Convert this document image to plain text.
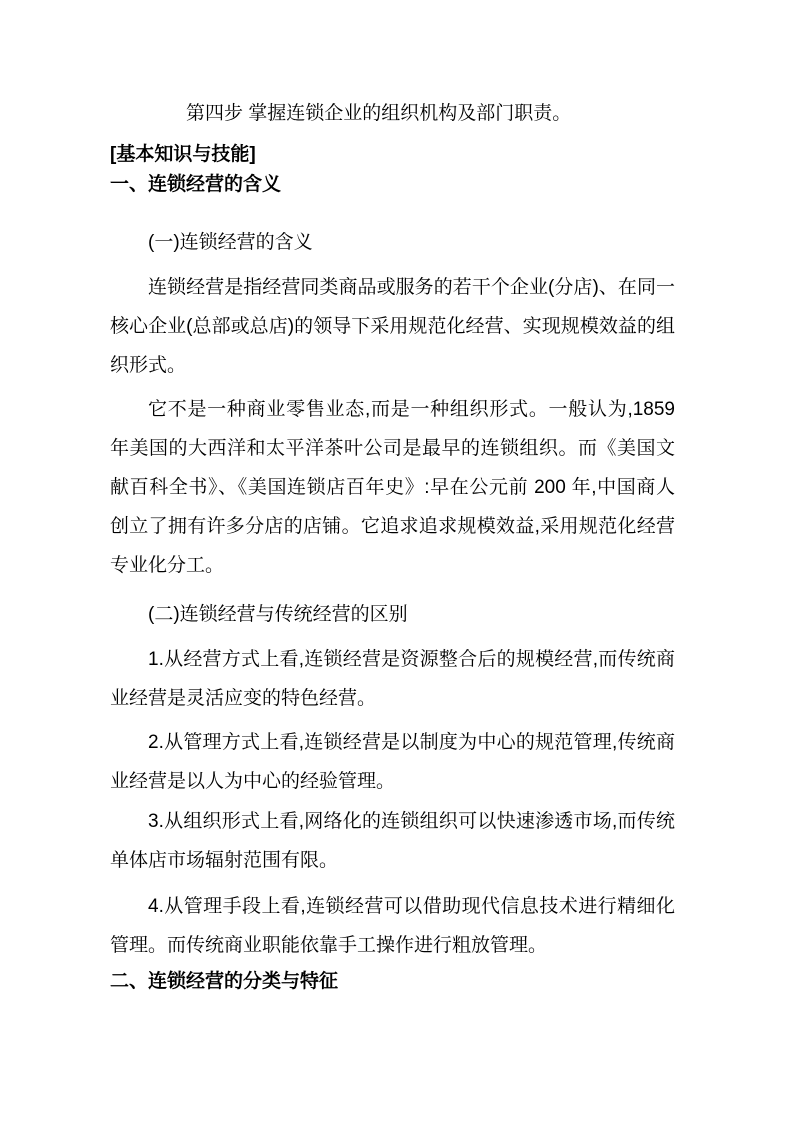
第四步 掌握连锁企业的组织机构及部门职责。

[基本知识与技能]

一、连锁经营的含义

(一)连锁经营的含义

连锁经营是指经营同类商品或服务的若干个企业(分店)、在同一核心企业(总部或总店)的领导下采用规范化经营、实现规模效益的组织形式。

它不是一种商业零售业态,而是一种组织形式。一般认为,1859 年美国的大西洋和太平洋茶叶公司是最早的连锁组织。而《美国文献百科全书》、《美国连锁店百年史》:早在公元前 200 年,中国商人创立了拥有许多分店的店铺。它追求追求规模效益,采用规范化经营专业化分工。

(二)连锁经营与传统经营的区别

1.从经营方式上看,连锁经营是资源整合后的规模经营,而传统商业经营是灵活应变的特色经营。

2.从管理方式上看,连锁经营是以制度为中心的规范管理,传统商业经营是以人为中心的经验管理。

3.从组织形式上看,网络化的连锁组织可以快速渗透市场,而传统单体店市场辐射范围有限。

4.从管理手段上看,连锁经营可以借助现代信息技术进行精细化管理。而传统商业职能依靠手工操作进行粗放管理。

二、连锁经营的分类与特征
